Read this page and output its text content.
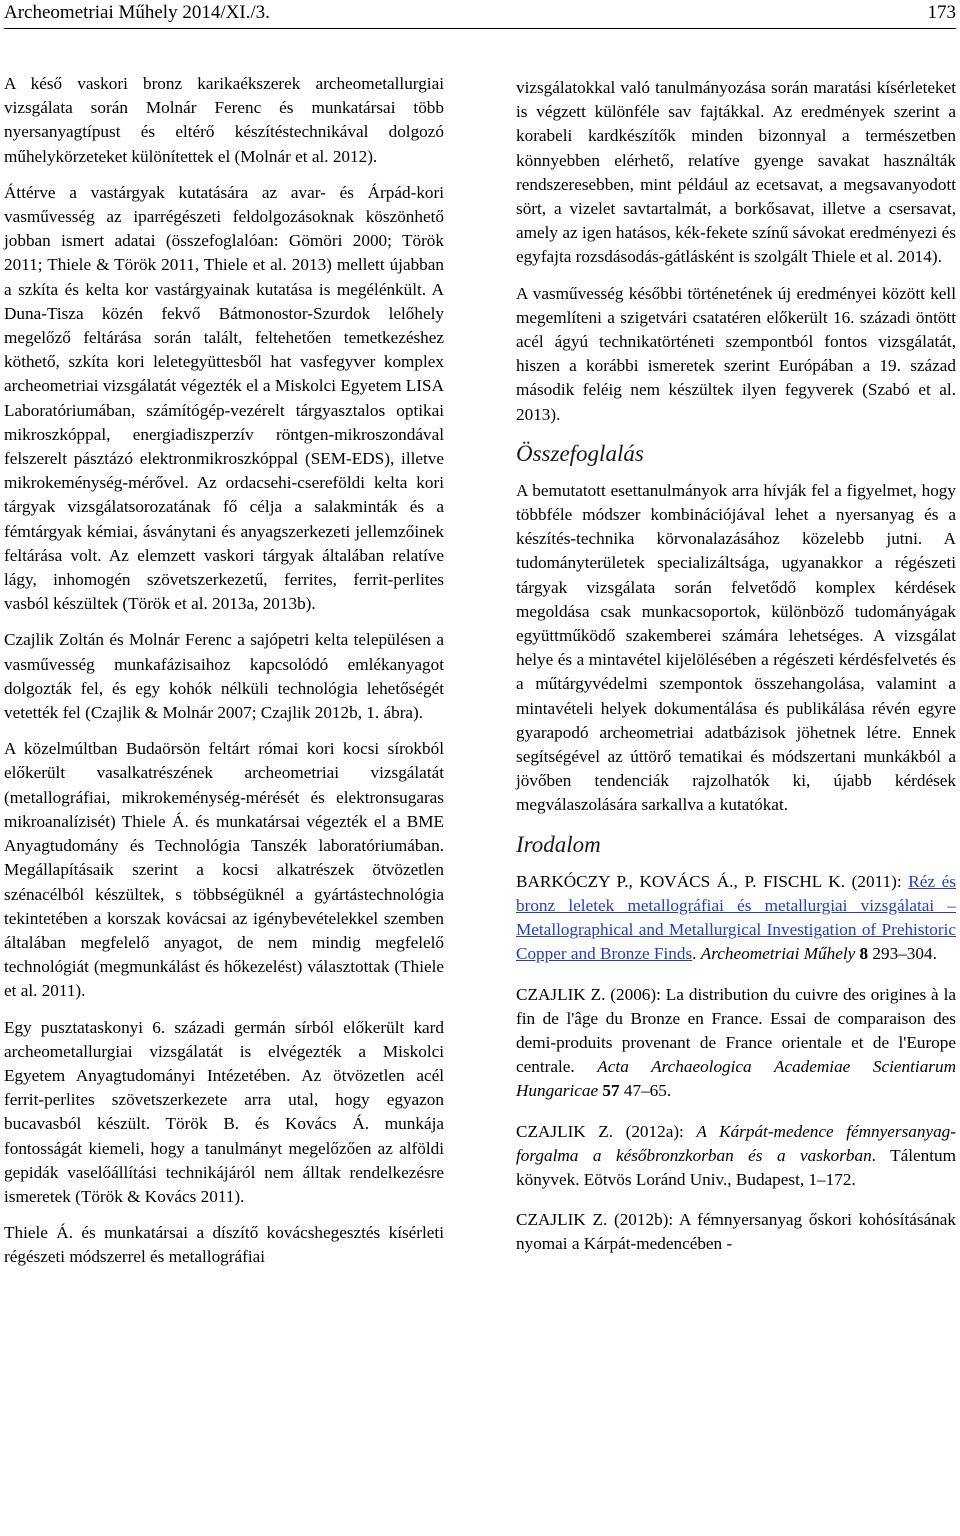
Archeometriai Műhely 2014/XI./3.	173

A késő vaskori bronz karikaékszerek archeometallurgiai vizsgálata során Molnár Ferenc és munkatársai több nyersanyagtípust és eltérő készítéstechnikával dolgozó műhelykörzeteket különítettek el (Molnár et al. 2012).

Áttérve a vastárgyak kutatására az avar- és Árpád-kori vasművesség az iparrégészeti feldolgozásoknak köszönhető jobban ismert adatai (összefoglalóan: Gömöri 2000; Török 2011; Thiele & Török 2011, Thiele et al. 2013) mellett újabban a szkíta és kelta kor vastárgyainak kutatása is megélénkült. A Duna-Tisza közén fekvő Bátmonostor-Szurdok lelőhely megelőző feltárása során talált, feltehetően temetkezéshez köthető, szkíta kori leletegyüttesből hat vasfegyver komplex archeometriai vizsgálatát végezték el a Miskolci Egyetem LISA Laboratóriumában, számítógép-vezérelt tárgyasztalos optikai mikroszkóppal, energiadiszperzív röntgen-mikroszondával felszerelt pásztázó elektronmikroszkóppal (SEM-EDS), illetve mikrokeménység-mérővel. Az ordacsehi-csereföldi kelta kori tárgyak vizsgálatsorozatának fő célja a salakminták és a fémtárgyak kémiai, ásványtani és anyagszerkezeti jellemzőinek feltárása volt. Az elemzett vaskori tárgyak általában relatíve lágy, inhomogén szövetszerkezetű, ferrites, ferrit-perlites vasból készültek (Török et al. 2013a, 2013b).

Czajlik Zoltán és Molnár Ferenc a sajópetri kelta településen a vasművesség munkafázisaihoz kapcsolódó emlékanyagot dolgozták fel, és egy kohók nélküli technológia lehetőségét vetették fel (Czajlik & Molnár 2007; Czajlik 2012b, 1. ábra).

A közelmúltban Budaörsön feltárt római kori kocsi sírokból előkerült vasalkatrészének archeometriai vizsgálatát (metallográfiai, mikrokeménység-mérését és elektronsugaras mikroanalízisét) Thiele Á. és munkatársai végezték el a BME Anyagtudomány és Technológia Tanszék laboratóriumában. Megállapításaik szerint a kocsi alkatrészek ötvözetlen szénacélból készültek, s többségüknél a gyártástechnológia tekintetében a korszak kovácsai az igénybevételekkel szemben általában megfelelő anyagot, de nem mindig megfelelő technológiát (megmunkálást és hőkezelést) választottak (Thiele et al. 2011).

Egy pusztataskonyi 6. századi germán sírból előkerült kard archeometallurgiai vizsgálatát is elvégezték a Miskolci Egyetem Anyagtudományi Intézetében. Az ötvözetlen acél ferrit-perlites szövetszerkezete arra utal, hogy egyazon bucavasból készült. Török B. és Kovács Á. munkája fontosságát kiemeli, hogy a tanulmányt megelőzően az alföldi gepidák vaselőállítási technikájáról nem álltak rendelkezésre ismeretek (Török & Kovács 2011).

Thiele Á. és munkatársai a díszítő kovácshegesztés kísérleti régészeti módszerrel és metallográfiai

vizsgálatokkal való tanulmányozása során maratási kísérleteket is végzett különféle sav fajtákkal. Az eredmények szerint a korabeli kardkészítők minden bizonnyal a természetben könnyebben elérhető, relatíve gyenge savakat használták rendszeresebben, mint például az ecetsavat, a megsavanyodott sört, a vizelet savtartalmát, a borkősavat, illetve a csersavat, amely az igen hatásos, kék-fekete színű sávokat eredményezi és egyfajta rozsdásodás-gátlásként is szolgált Thiele et al. 2014).

A vasművesség későbbi történetének új eredményei között kell megemlíteni a szigetvári csatatéren előkerült 16. századi öntött acél ágyú technikatörténeti szempontból fontos vizsgálatát, hiszen a korábbi ismeretek szerint Európában a 19. század második feléig nem készültek ilyen fegyverek (Szabó et al. 2013).

Összefoglalás

A bemutatott esettanulmányok arra hívják fel a figyelmet, hogy többféle módszer kombinációjával lehet a nyersanyag és a készítés-technika körvonalazásához közelebb jutni. A tudományterületek specializáltsága, ugyanakkor a régészeti tárgyak vizsgálata során felvetődő komplex kérdések megoldása csak munkacsoportok, különböző tudományágak együttműködő szakemberei számára lehetséges. A vizsgálat helye és a mintavétel kijelölésében a régészeti kérdésfelvetés és a műtárgyvédelmi szempontok összehangolása, valamint a mintavételi helyek dokumentálása és publikálása révén egyre gyarapodó archeometriai adatbázisok jöhetnek létre. Ennek segítségével az úttörő tematikai és módszertani munkákból a jövőben tendenciák rajzolhatók ki, újabb kérdések megválaszolására sarkallva a kutatókat.

Irodalom

BARKÓCZY P., KOVÁCS Á., P. FISCHL K. (2011): Réz és bronz leletek metallográfiai és metallurgiai vizsgálatai – Metallographical and Metallurgical Investigation of Prehistoric Copper and Bronze Finds. Archeometriai Műhely 8 293–304.

CZAJLIK Z. (2006): La distribution du cuivre des origines à la fin de l'âge du Bronze en France. Essai de comparaison des demi-produits provenant de France orientale et de l'Europe centrale. Acta Archaeologica Academiae Scientiarum Hungaricae 57 47–65.

CZAJLIK Z. (2012a): A Kárpát-medence fémnyersanyag-forgalma a későbronzkorban és a vaskorban. Tálentum könyvek. Eötvös Loránd Univ., Budapest, 1–172.

CZAJLIK Z. (2012b): A fémnyersanyag őskori kohósításának nyomai a Kárpát-medencében -
